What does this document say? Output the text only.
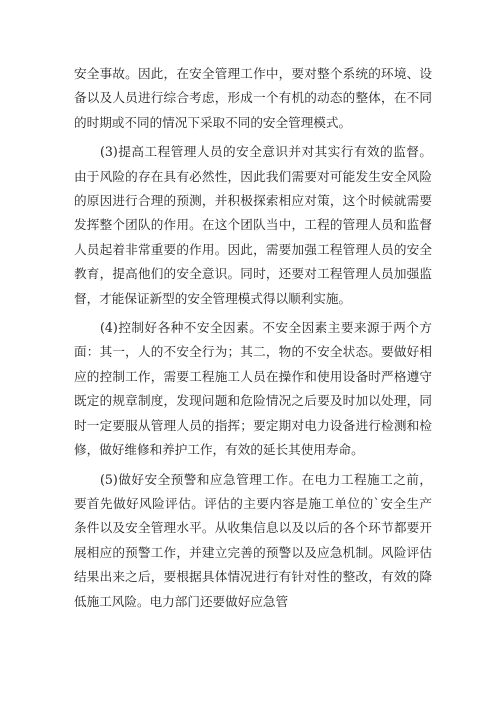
安全事故。因此，在安全管理工作中，要对整个系统的环境、设备以及人员进行综合考虑，形成一个有机的动态的整体，在不同的时期或不同的情况下采取不同的安全管理模式。

(3)提高工程管理人员的安全意识并对其实行有效的监督。由于风险的存在具有必然性，因此我们需要对可能发生安全风险的原因进行合理的预测，并积极探索相应对策，这个时候就需要发挥整个团队的作用。在这个团队当中，工程的管理人员和监督人员起着非常重要的作用。因此，需要加强工程管理人员的安全教育，提高他们的安全意识。同时，还要对工程管理人员加强监督，才能保证新型的安全管理模式得以顺利实施。

(4)控制好各种不安全因素。不安全因素主要来源于两个方面：其一，人的不安全行为；其二，物的不安全状态。要做好相应的控制工作，需要工程施工人员在操作和使用设备时严格遵守既定的规章制度，发现问题和危险情况之后要及时加以处理，同时一定要服从管理人员的指挥；要定期对电力设备进行检测和检修，做好维修和养护工作，有效的延长其使用寿命。

(5)做好安全预警和应急管理工作。在电力工程施工之前，要首先做好风险评估。评估的主要内容是施工单位的`安全生产条件以及安全管理水平。从收集信息以及以后的各个环节都要开展相应的预警工作，并建立完善的预警以及应急机制。风险评估结果出来之后，要根据具体情况进行有针对性的整改，有效的降低施工风险。电力部门还要做好应急管
